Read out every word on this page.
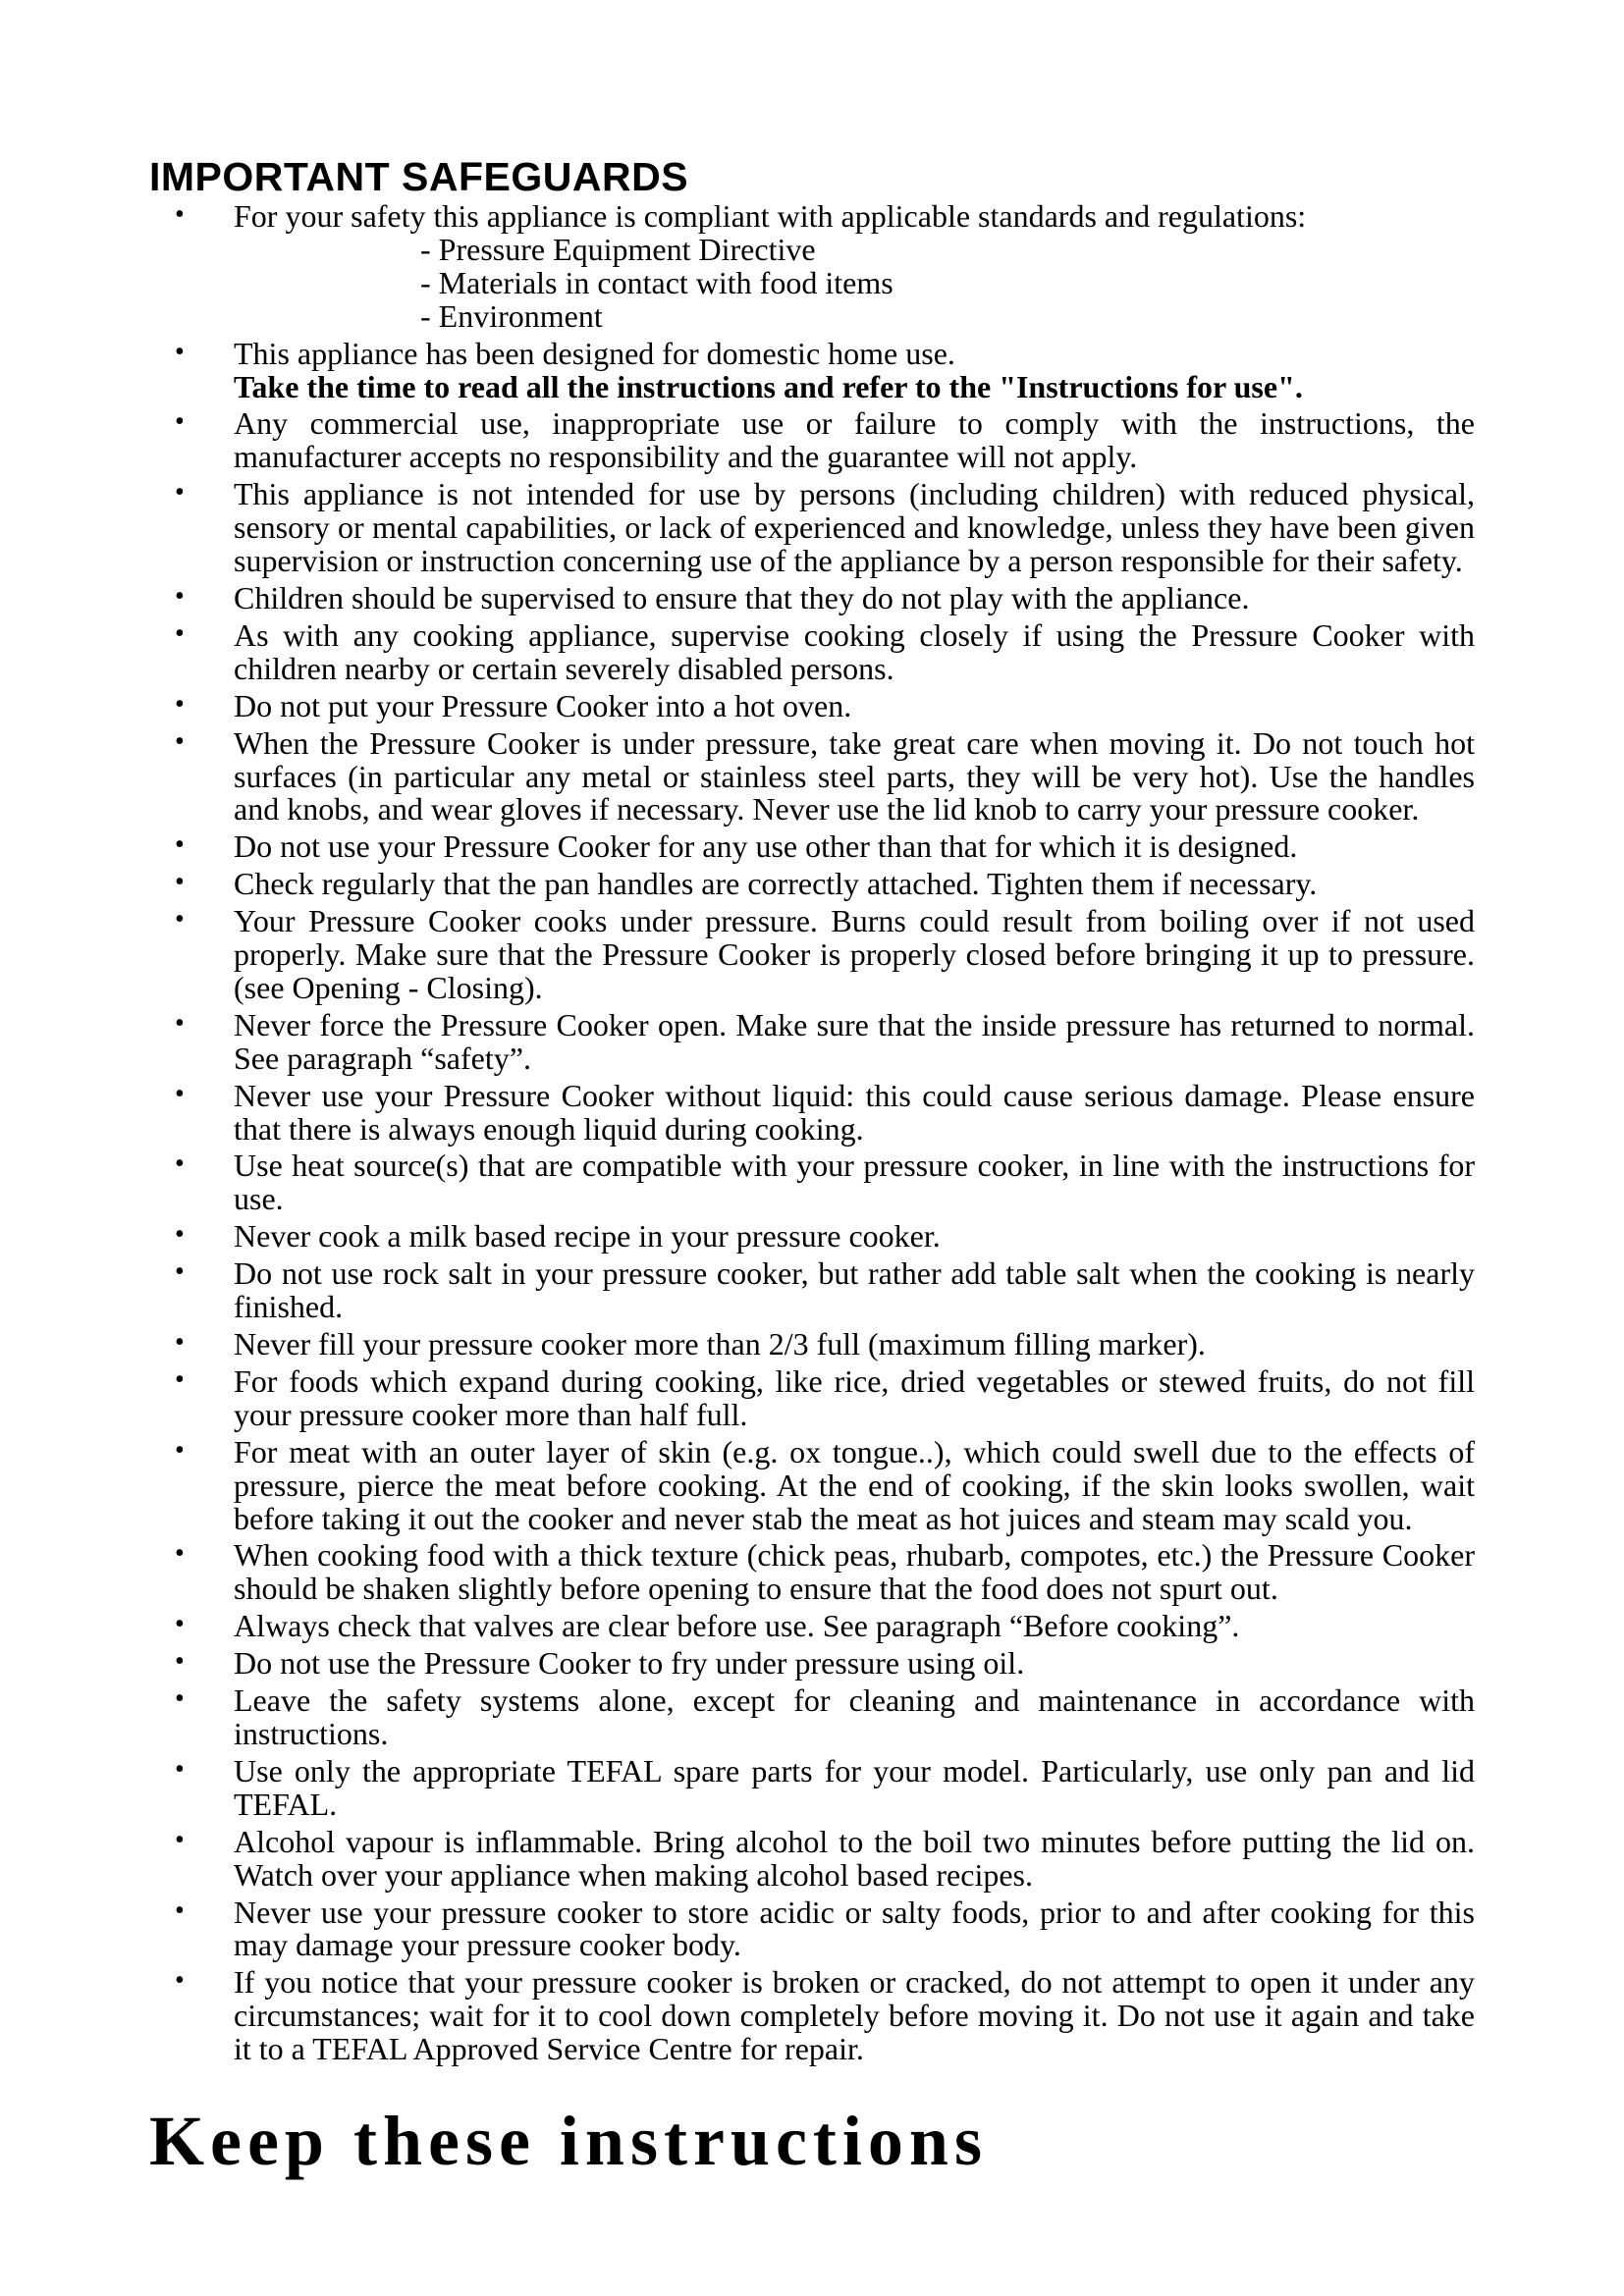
IMPORTANT SAFEGUARDS
• For your safety this appliance is compliant with applicable standards and regulations:
- Pressure Equipment Directive
- Materials in contact with food items
- Environment
• This appliance has been designed for domestic home use.
Take the time to read all the instructions and refer to the "Instructions for use".
• Any commercial use, inappropriate use or failure to comply with the instructions, the manufacturer accepts no responsibility and the guarantee will not apply.
• This appliance is not intended for use by persons (including children) with reduced physical, sensory or mental capabilities, or lack of experienced and knowledge, unless they have been given supervision or instruction concerning use of the appliance by a person responsible for their safety.
• Children should be supervised to ensure that they do not play with the appliance.
• As with any cooking appliance, supervise cooking closely if using the Pressure Cooker with children nearby or certain severely disabled persons.
• Do not put your Pressure Cooker into a hot oven.
• When the Pressure Cooker is under pressure, take great care when moving it. Do not touch hot surfaces (in particular any metal or stainless steel parts, they will be very hot). Use the handles and knobs, and wear gloves if necessary. Never use the lid knob to carry your pressure cooker.
• Do not use your Pressure Cooker for any use other than that for which it is designed.
• Check regularly that the pan handles are correctly attached. Tighten them if necessary.
• Your Pressure Cooker cooks under pressure. Burns could result from boiling over if not used properly. Make sure that the Pressure Cooker is properly closed before bringing it up to pressure. (see Opening - Closing).
• Never force the Pressure Cooker open. Make sure that the inside pressure has returned to normal. See paragraph “safety”.
• Never use your Pressure Cooker without liquid: this could cause serious damage. Please ensure that there is always enough liquid during cooking.
• Use heat source(s) that are compatible with your pressure cooker, in line with the instructions for use.
• Never cook a milk based recipe in your pressure cooker.
• Do not use rock salt in your pressure cooker, but rather add table salt when the cooking is nearly finished.
• Never fill your pressure cooker more than 2/3 full (maximum filling marker).
• For foods which expand during cooking, like rice, dried vegetables or stewed fruits, do not fill your pressure cooker more than half full.
• For meat with an outer layer of skin (e.g. ox tongue..), which could swell due to the effects of pressure, pierce the meat before cooking. At the end of cooking, if the skin looks swollen, wait before taking it out the cooker and never stab the meat as hot juices and steam may scald you.
• When cooking food with a thick texture (chick peas, rhubarb, compotes, etc.) the Pressure Cooker should be shaken slightly before opening to ensure that the food does not spurt out.
• Always check that valves are clear before use. See paragraph “Before cooking”.
• Do not use the Pressure Cooker to fry under pressure using oil.
• Leave the safety systems alone, except for cleaning and maintenance in accordance with instructions.
• Use only the appropriate TEFAL spare parts for your model. Particularly, use only pan and lid TEFAL.
• Alcohol vapour is inflammable. Bring alcohol to the boil two minutes before putting the lid on. Watch over your appliance when making alcohol based recipes.
• Never use your pressure cooker to store acidic or salty foods, prior to and after cooking for this may damage your pressure cooker body.
• If you notice that your pressure cooker is broken or cracked, do not attempt to open it under any circumstances; wait for it to cool down completely before moving it. Do not use it again and take it to a TEFAL Approved Service Centre for repair.

Keep these instructions
